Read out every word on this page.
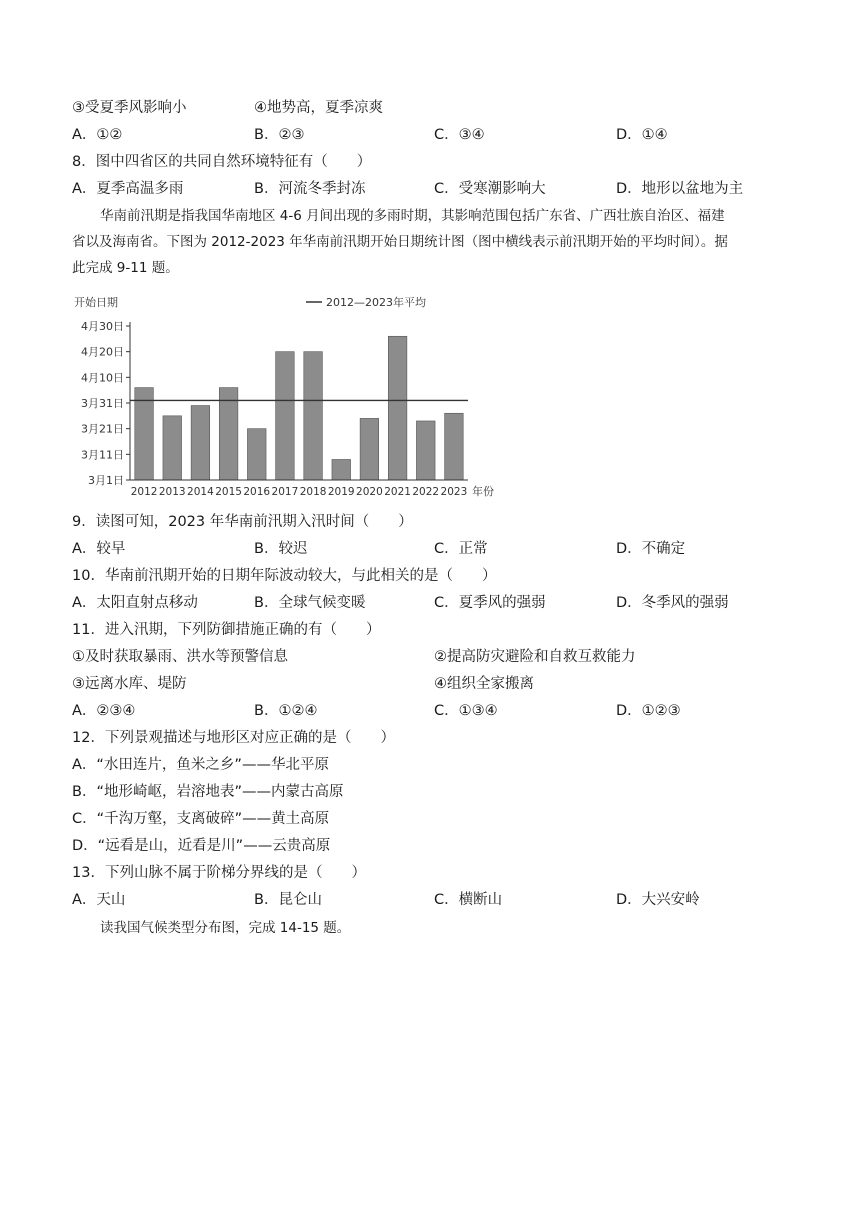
③受夏季风影响小	④地势高，夏季凉爽
A．①②	B．②③	C．③④	D．①④
8．图中四省区的共同自然环境特征有（　　）
A．夏季高温多雨	B．河流冬季封冻	C．受寒潮影响大	D．地形以盆地为主
华南前汛期是指我国华南地区 4-6 月间出现的多雨时期，其影响范围包括广东省、广西壮族自治区、福建
省以及海南省。下图为 2012-2023 年华南前汛期开始日期统计图（图中横线表示前汛期开始的平均时间）。据
此完成 9-11 题。
开始日期	2012—2023年平均
3月1日
3月11日
3月21日
3月31日
4月10日
4月20日
4月30日
2012 2013 2014 2015 2016 2017 2018 2019 2020 2021 2022 2023 年份
9．读图可知，2023 年华南前汛期入汛时间（　　）
A．较早	B．较迟	C．正常	D．不确定
10．华南前汛期开始的日期年际波动较大，与此相关的是（　　）
A．太阳直射点移动	B．全球气候变暖	C．夏季风的强弱	D．冬季风的强弱
11．进入汛期，下列防御措施正确的有（　　）
①及时获取暴雨、洪水等预警信息	②提高防灾避险和自救互救能力
③远离水库、堤防	④组织全家搬离
A．②③④	B．①②④	C．①③④	D．①②③
12．下列景观描述与地形区对应正确的是（　　）
A．“水田连片，鱼米之乡”——华北平原
B．“地形崎岖，岩溶地表”——内蒙古高原
C．“千沟万壑，支离破碎”——黄土高原
D．“远看是山，近看是川”——云贵高原
13．下列山脉不属于阶梯分界线的是（　　）
A．天山	B．昆仑山	C．横断山	D．大兴安岭
读我国气候类型分布图，完成 14-15 题。
